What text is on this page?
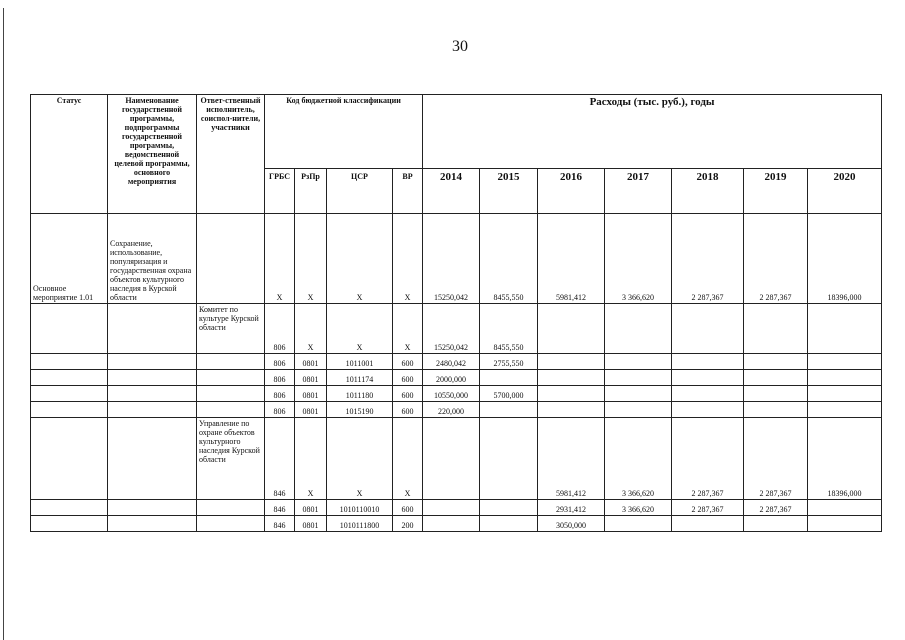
30
Статус	Наименование государственной программы, подпрограммы государственной программы, ведомственной целевой программы, основного мероприятия	Ответ-ственный исполнитель, соиспол-нители, участники	Код бюджетной классификации				Расходы (тыс. руб.), годы						
			ГРБС	РзПр	ЦСР	ВР	2014	2015	2016	2017	2018	2019	2020
Основное мероприятие 1.01	Сохранение, использование, популяризация и государственная охрана объектов культурного наследия в Курской области		X	X	X	X	15250,042	8455,550	5981,412	3 366,620	2 287,367	2 287,367	18396,000
		Комитет по культуре Курской области	806	X	X	X	15250,042	8455,550					
			806	0801	1011001	600	2480,042	2755,550					
			806	0801	1011174	600	2000,000						
			806	0801	1011180	600	10550,000	5700,000					
			806	0801	1015190	600	220,000						
		Управление по охране объектов культурного наследия Курской области	846	X	X	X			5981,412	3 366,620	2 287,367	2 287,367	18396,000
			846	0801	1010110010	600			2931,412	3 366,620	2 287,367	2 287,367	
			846	0801	1010111800	200			3050,000				
